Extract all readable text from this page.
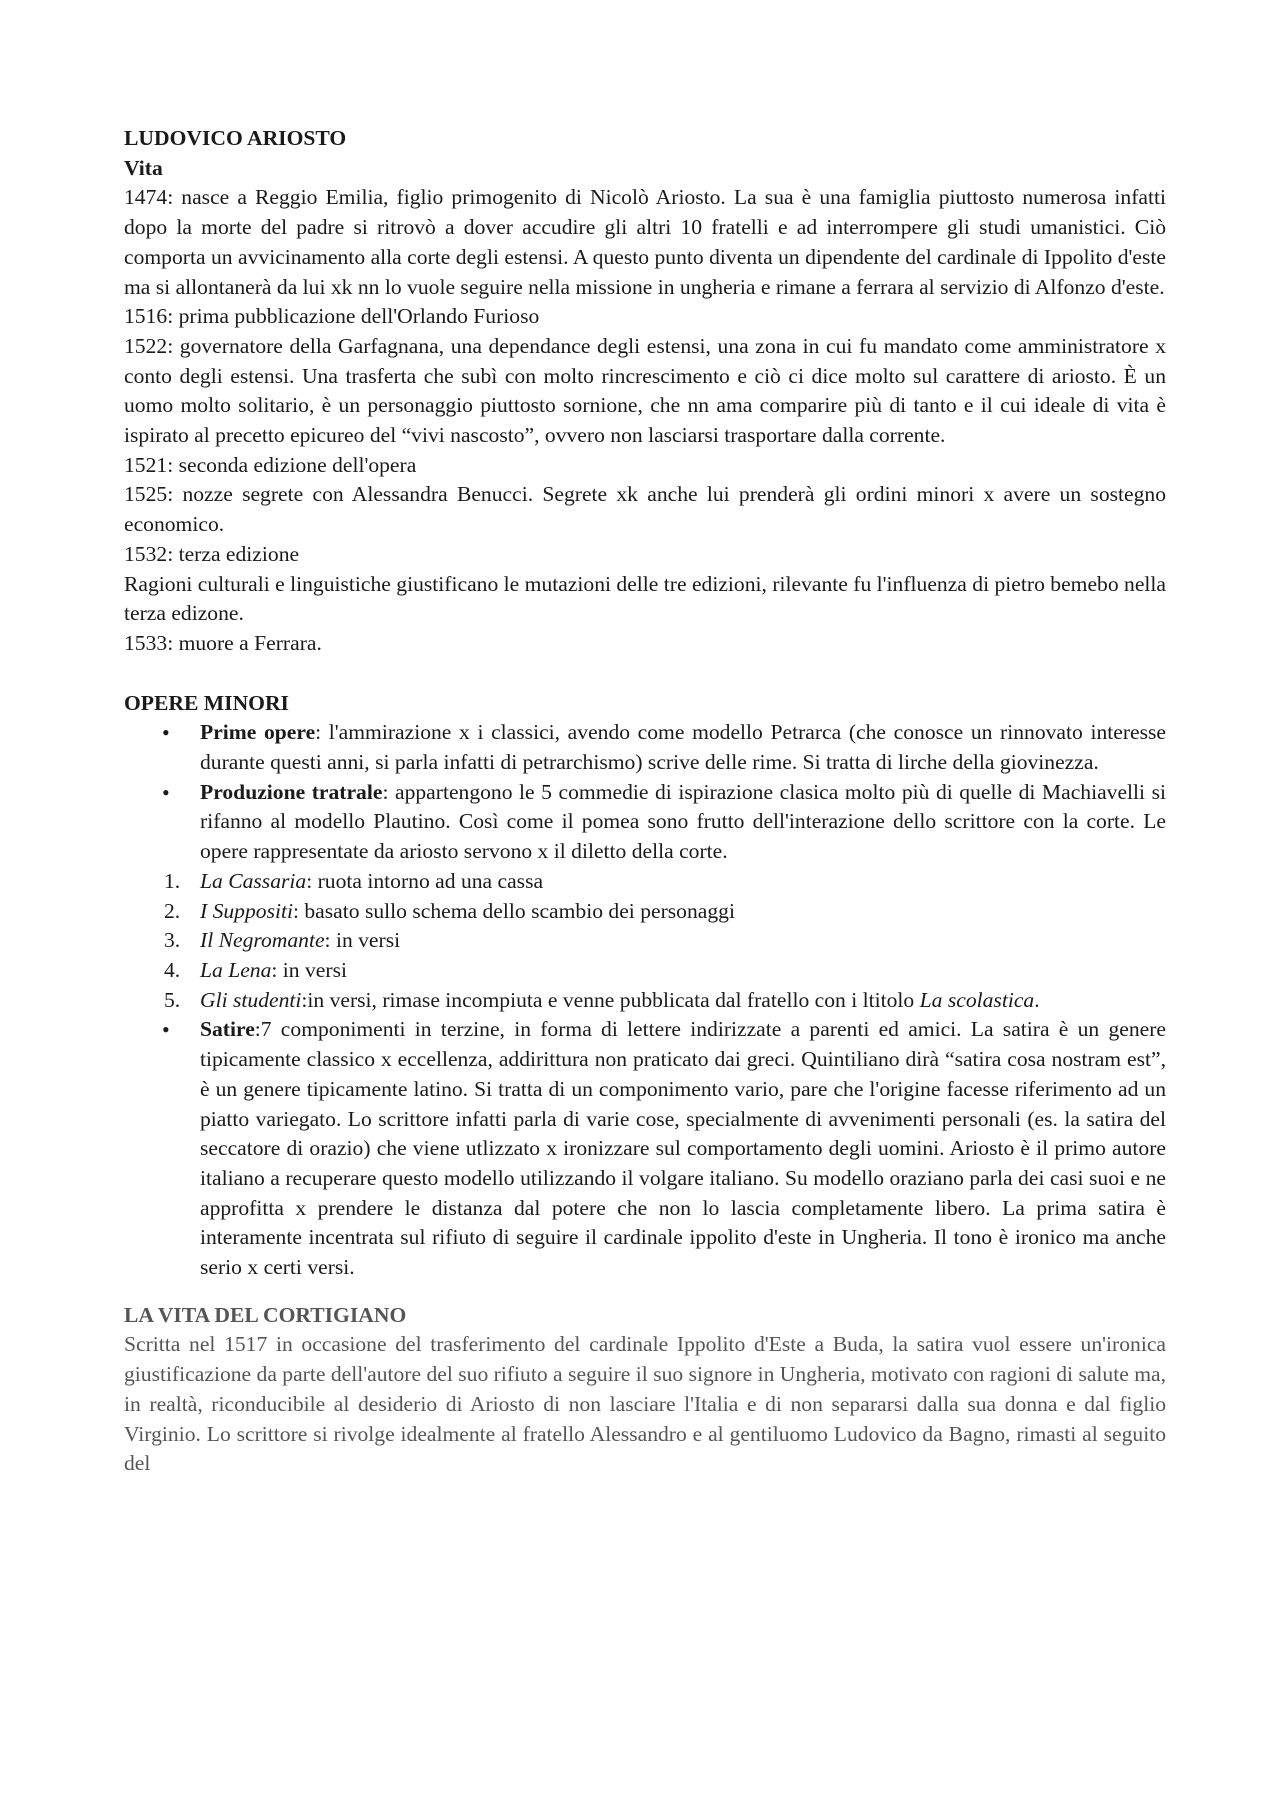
LUDOVICO ARIOSTO

Vita

1474: nasce a Reggio Emilia, figlio primogenito di Nicolò Ariosto. La sua è una famiglia piuttosto numerosa infatti dopo la morte del padre si ritrovò a dover accudire gli altri 10 fratelli e ad interrompere gli studi umanistici. Ciò comporta un avvicinamento alla corte degli estensi. A questo punto diventa un dipendente del cardinale di Ippolito d'este ma si allontanerà da lui xk nn lo vuole seguire nella missione in ungheria e rimane a ferrara al servizio di Alfonzo d'este.

1516: prima pubblicazione dell'Orlando Furioso

1522: governatore della Garfagnana, una dependance degli estensi, una zona in cui fu mandato come amministratore x conto degli estensi. Una trasferta che subì con molto rincrescimento e ciò ci dice molto sul carattere di ariosto. È un uomo molto solitario, è un personaggio piuttosto sornione, che nn ama comparire più di tanto e il cui ideale di vita è ispirato al precetto epicureo del “vivi nascosto”, ovvero non lasciarsi trasportare dalla corrente.

1521: seconda edizione dell'opera

1525: nozze segrete con Alessandra Benucci. Segrete xk anche lui prenderà gli ordini minori x avere un sostegno economico.

1532: terza edizione

Ragioni culturali e linguistiche giustificano le mutazioni delle tre edizioni, rilevante fu l'influenza di pietro bemebo nella terza edizone.

1533: muore a Ferrara.

OPERE MINORI

• Prime opere: l'ammirazione x i classici, avendo come modello Petrarca (che conosce un rinnovato interesse durante questi anni, si parla infatti di petrarchismo) scrive delle rime. Si tratta di lirche della giovinezza.
• Produzione tratrale: appartengono le 5 commedie di ispirazione clasica molto più di quelle di Machiavelli si rifanno al modello Plautino. Così come il pomea sono frutto dell'interazione dello scrittore con la corte. Le opere rappresentate da ariosto servono x il diletto della corte.
1. La Cassaria: ruota intorno ad una cassa
2. I Suppositi: basato sullo schema dello scambio dei personaggi
3. Il Negromante: in versi
4. La Lena: in versi
5. Gli studenti:in versi, rimase incompiuta e venne pubblicata dal fratello con i ltitolo La scolastica.
• Satire:7 componimenti in terzine, in forma di lettere indirizzate a parenti ed amici. La satira è un genere tipicamente classico x eccellenza, addirittura non praticato dai greci. Quintiliano dirà “satira cosa nostram est”, è un genere tipicamente latino. Si tratta di un componimento vario, pare che l'origine facesse riferimento ad un piatto variegato. Lo scrittore infatti parla di varie cose, specialmente di avvenimenti personali (es. la satira del seccatore di orazio) che viene utlizzato x ironizzare sul comportamento degli uomini. Ariosto è il primo autore italiano a recuperare questo modello utilizzando il volgare italiano. Su modello oraziano parla dei casi suoi e ne approfitta x prendere le distanza dal potere che non lo lascia completamente libero. La prima satira è interamente incentrata sul rifiuto di seguire il cardinale ippolito d'este in Ungheria. Il tono è ironico ma anche serio x certi versi.

LA VITA DEL CORTIGIANO

Scritta nel 1517 in occasione del trasferimento del cardinale Ippolito d'Este a Buda, la satira vuol essere un'ironica giustificazione da parte dell'autore del suo rifiuto a seguire il suo signore in Ungheria, motivato con ragioni di salute ma, in realtà, riconducibile al desiderio di Ariosto di non lasciare l'Italia e di non separarsi dalla sua donna e dal figlio Virginio. Lo scrittore si rivolge idealmente al fratello Alessandro e al gentiluomo Ludovico da Bagno, rimasti al seguito del
